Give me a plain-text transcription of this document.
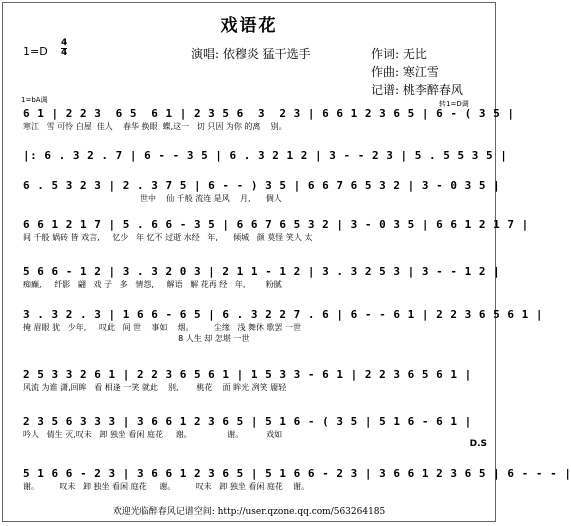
戏语花
1=D
4
4	演唱: 依穆炎 猛干选手	作词: 无比
作曲: 寒江雪
记谱: 桃李醉春风
1=bA调	转1=D调
6 1 | 2 2 3  6 5  6 1 | 2 3 5 6  3  2 3 | 6 6 1 2 3 6 5 | 6 - ( 3 5 |
寒江   雪 可怜 白屋  佳人    春华 换眼  蝶,这一   切 只因 为你 的离    别。
|: 6 . 3 2 . 7 | 6 - - 3 5 | 6 . 3 2 1 2 | 3 - - 2 3 | 5 . 5 5 3 5 |
6 . 5 3 2 3 | 2 . 3 7 5 | 6 - - ) 3 5 | 6 6 7 6 5 3 2 | 3 - 0 3 5 |
世中    仙 千般 流连 是风    月,      倜人
6 6 1 2 1 7 | 5 . 6 6 - 3 5 | 6 6 7 6 5 3 2 | 3 - 0 3 5 | 6 6 1 2 1 7 |
间 千般 娲砖 皆 戏言,     忆少   年 忆不 过逝 水经   年,      倾城   颜 莫怪 笑人 太
5 6 6 - 1 2 | 3 . 3 2 0 3 | 2 1 1 - 1 2 | 3 . 3 2 5 3 | 3 - - 1 2 |
痴癫,     纤影   翩   戏 子   多   情怨,     解语   解 花再 经   年,        粉腻
3 . 3 2 . 3 | 1 6 6 - 6 5 | 6 . 3 2 2 7 . 6 | 6 - - 6 1 | 2 2 3 6 5 6 1 |
掩 眉眼 犹   少年,     叹此   间 世    事如    烟。        尘缘   浅 舞休 歌罢 一世
8 人生 却 怎堪 一世
2 5 3 3 2 6 1 | 2 2 3 6 5 6 1 | 1 5 3 3 - 6 1 | 2 2 3 6 5 6 1 |
风流 为谁 潇,回眸   看 相逢 一笑 就此    别,       桃花    面 眸光 冽笑 靥轻
2 3 5 6 3 3 3 | 3 6 6 1 2 3 6 5 | 5 1 6 - ( 3 5 | 5 1 6 - 6 1 |
吟人   倩生 灭,叹未   卸 独坐 看闲 庭花     谢。              谢。         戏如
D.S
5 1 6 6 - 2 3 | 3 6 6 1 2 3 6 5 | 5 1 6 6 - 2 3 | 3 6 6 1 2 3 6 5 | 6 - - - |
谢。        叹未   卸 独坐 看闲 庭花     谢。        叹未   卸 独坐 看闲 庭花    谢。
欢迎光临醉春风记谱空间: http://user.qzone.qq.com/563264185
